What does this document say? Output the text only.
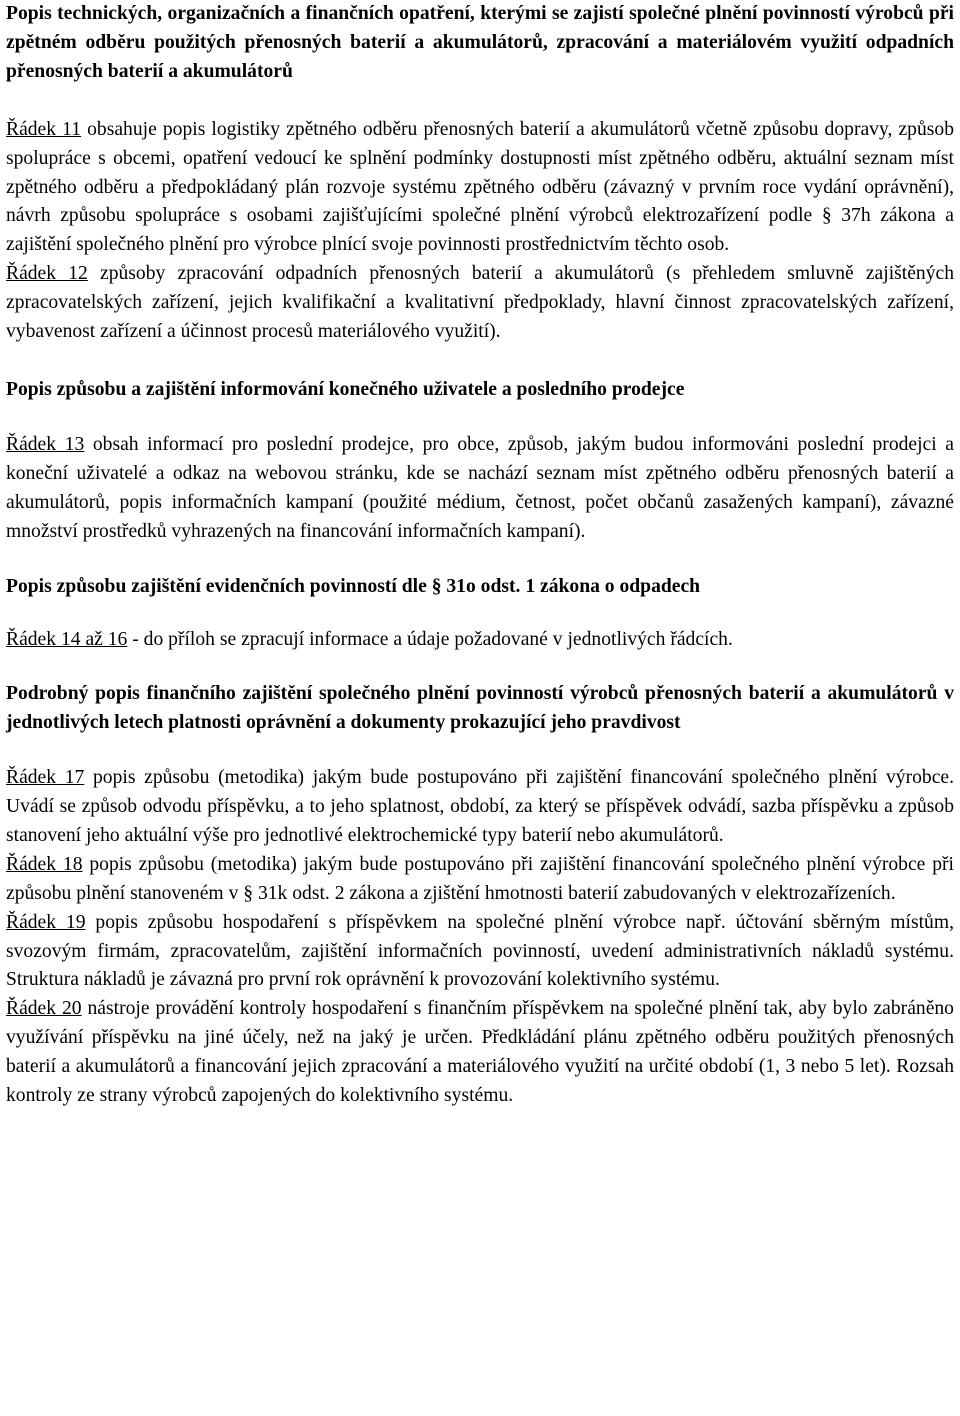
Popis technických, organizačních a finančních opatření, kterými se zajistí společné plnění povinností výrobců při zpětném odběru použitých přenosných baterií a akumulátorů, zpracování a materiálovém využití odpadních přenosných baterií a akumulátorů

Řádek 11 obsahuje popis logistiky zpětného odběru přenosných baterií a akumulátorů včetně způsobu dopravy, způsob spolupráce s obcemi, opatření vedoucí ke splnění podmínky dostupnosti míst zpětného odběru, aktuální seznam míst zpětného odběru a předpokládaný plán rozvoje systému zpětného odběru (závazný v prvním roce vydání oprávnění), návrh způsobu spolupráce s osobami zajišťujícími společné plnění výrobců elektrozařízení podle § 37h zákona a zajištění společného plnění pro výrobce plnící svoje povinnosti prostřednictvím těchto osob.

Řádek 12 způsoby zpracování odpadních přenosných baterií a akumulátorů (s přehledem smluvně zajištěných zpracovatelských zařízení, jejich kvalifikační a kvalitativní předpoklady, hlavní činnost zpracovatelských zařízení, vybavenost zařízení a účinnost procesů materiálového využití).

Popis způsobu a zajištění informování konečného uživatele a posledního prodejce

Řádek 13 obsah informací pro poslední prodejce, pro obce, způsob, jakým budou informováni poslední prodejci a koneční uživatelé a odkaz na webovou stránku, kde se nachází seznam míst zpětného odběru přenosných baterií a akumulátorů, popis informačních kampaní (použité médium, četnost, počet občanů zasažených kampaní), závazné množství prostředků vyhrazených na financování informačních kampaní).

Popis způsobu zajištění evidenčních povinností dle § 31o odst. 1 zákona o odpadech

Řádek 14 až 16 - do příloh se zpracují informace a údaje požadované v jednotlivých řádcích.

Podrobný popis finančního zajištění společného plnění povinností výrobců přenosných baterií a akumulátorů v jednotlivých letech platnosti oprávnění a dokumenty prokazující jeho pravdivost

Řádek 17 popis způsobu (metodika) jakým bude postupováno při zajištění financování společného plnění výrobce. Uvádí se způsob odvodu příspěvku, a to jeho splatnost, období, za který se příspěvek odvádí, sazba příspěvku a způsob stanovení jeho aktuální výše pro jednotlivé elektrochemické typy baterií nebo akumulátorů.

Řádek 18 popis způsobu (metodika) jakým bude postupováno při zajištění financování společného plnění výrobce při způsobu plnění stanoveném v § 31k odst. 2 zákona a zjištění hmotnosti baterií zabudovaných v elektrozařízeních.

Řádek 19 popis způsobu hospodaření s příspěvkem na společné plnění výrobce např. účtování sběrným místům, svozovým firmám, zpracovatelům, zajištění informačních povinností, uvedení administrativních nákladů systému. Struktura nákladů je závazná pro první rok oprávnění k provozování kolektivního systému.

Řádek 20 nástroje provádění kontroly hospodaření s finančním příspěvkem na společné plnění tak, aby bylo zabráněno využívání příspěvku na jiné účely, než na jaký je určen. Předkládání plánu zpětného odběru použitých přenosných baterií a akumulátorů a financování jejich zpracování a materiálového využití na určité období (1, 3 nebo 5 let). Rozsah kontroly ze strany výrobců zapojených do kolektivního systému.
